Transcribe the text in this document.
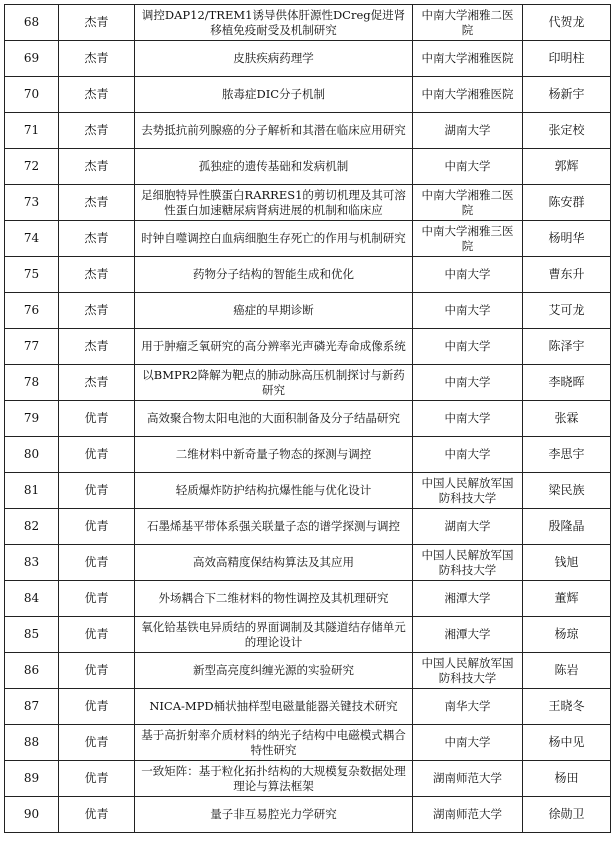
68	杰青	调控DAP12/TREM1诱导供体肝源性DCreg促进肾移植免疫耐受及机制研究	中南大学湘雅二医院	代贺龙
69	杰青	皮肤疾病药理学	中南大学湘雅医院	印明柱
70	杰青	脓毒症DIC分子机制	中南大学湘雅医院	杨新宇
71	杰青	去势抵抗前列腺癌的分子解析和其潜在临床应用研究	湖南大学	张定校
72	杰青	孤独症的遗传基础和发病机制	中南大学	郭辉
73	杰青	足细胞特异性膜蛋白RARRES1的剪切机理及其可溶性蛋白加速糖尿病肾病进展的机制和临床应	中南大学湘雅二医院	陈安群
74	杰青	时钟自噬调控白血病细胞生存死亡的作用与机制研究	中南大学湘雅三医院	杨明华
75	杰青	药物分子结构的智能生成和优化	中南大学	曹东升
76	杰青	癌症的早期诊断	中南大学	艾可龙
77	杰青	用于肿瘤乏氧研究的高分辨率光声磷光寿命成像系统	中南大学	陈泽宇
78	杰青	以BMPR2降解为靶点的肺动脉高压机制探讨与新药研究	中南大学	李晓晖
79	优青	高效聚合物太阳电池的大面积制备及分子结晶研究	中南大学	张霖
80	优青	二维材料中新奇量子物态的探测与调控	中南大学	李思宇
81	优青	轻质爆炸防护结构抗爆性能与优化设计	中国人民解放军国防科技大学	梁民族
82	优青	石墨烯基平带体系强关联量子态的谱学探测与调控	湖南大学	殷隆晶
83	优青	高效高精度保结构算法及其应用	中国人民解放军国防科技大学	钱旭
84	优青	外场耦合下二维材料的物性调控及其机理研究	湘潭大学	董辉
85	优青	氧化铪基铁电异质结的界面调制及其隧道结存储单元的理论设计	湘潭大学	杨琼
86	优青	新型高亮度纠缠光源的实验研究	中国人民解放军国防科技大学	陈岩
87	优青	NICA-MPD桶状抽样型电磁量能器关键技术研究	南华大学	王晓冬
88	优青	基于高折射率介质材料的纳光子结构中电磁模式耦合特性研究	中南大学	杨中见
89	优青	一致矩阵：基于粒化拓扑结构的大规模复杂数据处理理论与算法框架	湖南师范大学	杨田
90	优青	量子非互易腔光力学研究	湖南师范大学	徐勋卫
